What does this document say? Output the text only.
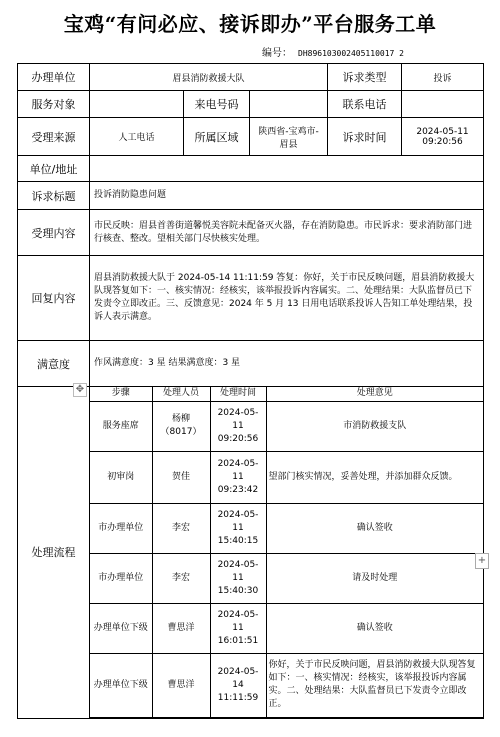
宝鸡“有问必应、接诉即办”平台服务工单
编号： DH896103002405110017 2
办理单位	眉县消防救援大队	诉求类型	投诉
服务对象		来电号码		联系电话	
受理来源	人工电话	所属区域	陕西省-宝鸡市-眉县	诉求时间	2024-05-11 09:20:56
单位/地址	
诉求标题	投诉消防隐患问题
受理内容	市民反映：眉县首善街道馨悦美容院未配备灭火器，存在消防隐患。市民诉求：要求消防部门进行核查、整改。望相关部门尽快核实处理。
回复内容	眉县消防救援大队于 2024-05-14 11:11:59 答复：你好，关于市民反映问题，眉县消防救援大队现答复如下：一、核实情况：经核实，该举报投诉内容属实。二、处理结果：大队监督员已下发责令立即改正。三、反馈意见：2024 年 5 月 13 日用电话联系投诉人告知工单处理结果，投诉人表示满意。
满意度	作风满意度：3 星 结果满意度：3 星
处理流程	
步骤	处理人员	处理时间	处理意见
服务座席	杨柳（8017）	2024-05-11 09:20:56	市消防救援支队
初审岗	贺佳	2024-05-11 09:23:42	望部门核实情况，妥善处理，并添加群众反馈。
市办理单位	李宏	2024-05-11 15:40:15	确认签收
市办理单位	李宏	2024-05-11 15:40:30	请及时处理
办理单位下级	曹思洋	2024-05-11 16:01:51	确认签收
办理单位下级	曹思洋	2024-05-14 11:11:59	你好，关于市民反映问题，眉县消防救援大队现答复如下：一、核实情况：经核实，该举报投诉内容属实。二、处理结果：大队监督员已下发责令立即改正。
✥
+
